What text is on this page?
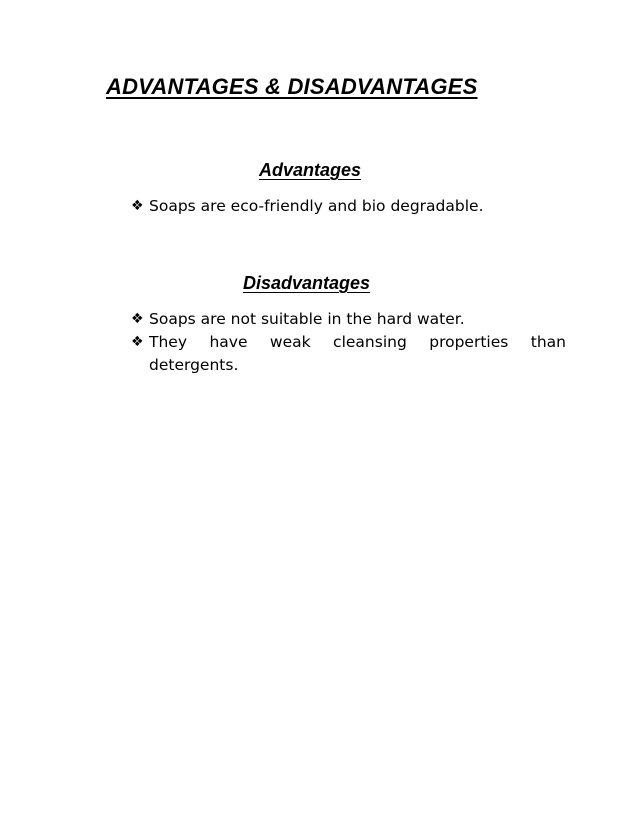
ADVANTAGES & DISADVANTAGES
Advantages
❖ Soaps are eco-friendly and bio degradable.
Disadvantages
❖ Soaps are not suitable in the hard water.
❖ They have weak cleansing properties than detergents.
